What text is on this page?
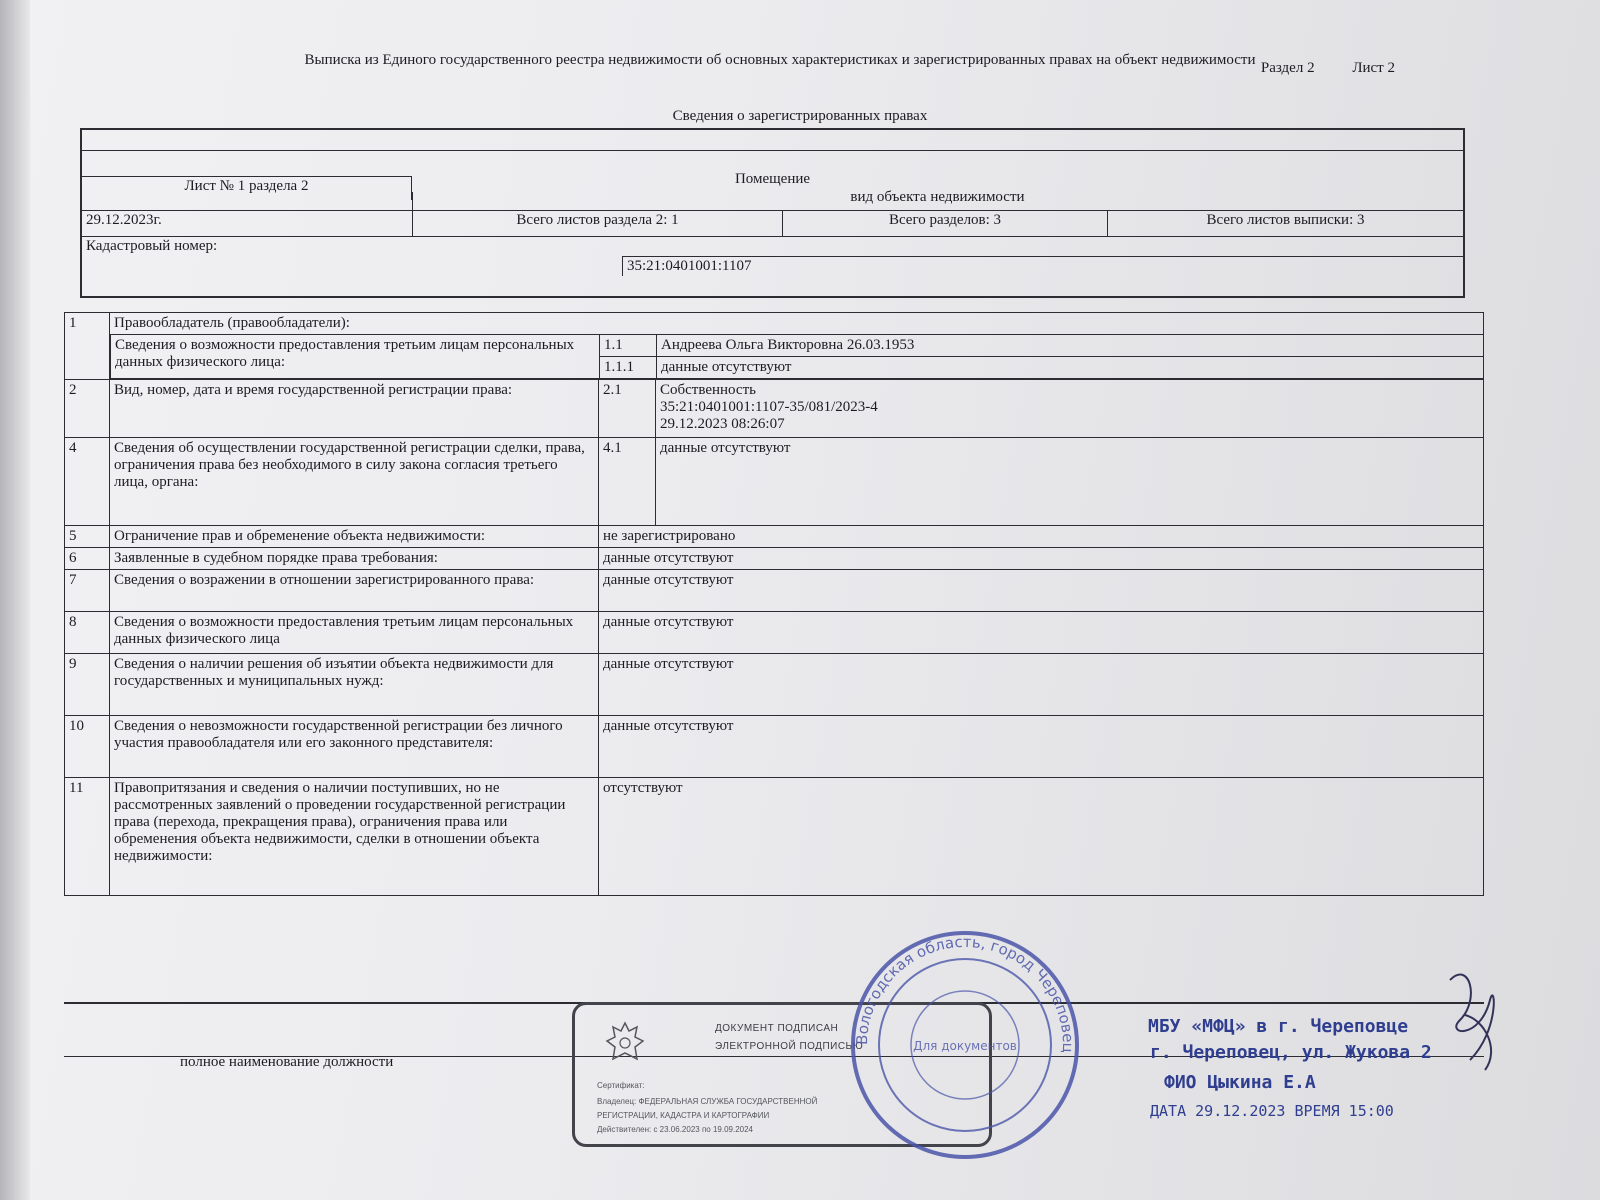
Выписка из Единого государственного реестра недвижимости об основных характеристиках и зарегистрированных правах на объект недвижимости Раздел 2	Лист 2
Сведения о зарегистрированных правах
Помещение
Лист № 1 раздела 2
вид объекта недвижимости
29.12.2023г.	Всего листов раздела 2: 1	Всего разделов: 3	Всего листов выписки: 3
Кадастровый номер:
35:21:0401001:1107
1	Правообладатель (правообладатели):

Сведения о возможности предоставления третьим лицам персональных данных физического лица:	1.1	Андреева Ольга Викторовна 26.03.1953
1.1.1	данные отсутствуют

2	Вид, номер, дата и время государственной регистрации права:	2.1	Собственность
35:21:0401001:1107-35/081/2023-4
29.12.2023 08:26:07

4	Сведения об осуществлении государственной регистрации сделки, права, ограничения права без необходимого в силу закона согласия третьего лица, органа:	4.1	данные отсутствуют
5	Ограничение прав и обременение объекта недвижимости:	не зарегистрировано
6	Заявленные в судебном порядке права требования:	данные отсутствуют
7	Сведения о возражении в отношении зарегистрированного права:	данные отсутствуют
8	Сведения о возможности предоставления третьим лицам персональных данных физического лица	данные отсутствуют
9	Сведения о наличии решения об изъятии объекта недвижимости для государственных и муниципальных нужд:	данные отсутствуют
10	Сведения о невозможности государственной регистрации без личного участия правообладателя или его законного представителя:	данные отсутствуют
11	Правопритязания и сведения о наличии поступивших, но не рассмотренных заявлений о проведении государственной регистрации права (перехода, прекращения права), ограничения права или обременения объекта недвижимости, сделки в отношении объекта недвижимости:	отсутствуют
полное наименование должности
ДОКУМЕНТ ПОДПИСАН
ЭЛЕКТРОННОЙ ПОДПИСЬЮ
Сертификат:
Владелец: ФЕДЕРАЛЬНАЯ СЛУЖБА ГОСУДАРСТВЕННОЙ
РЕГИСТРАЦИИ, КАДАСТРА И КАРТОГРАФИИ
Действителен: с 23.06.2023 по 19.09.2024
Вологодская область, город Череповец
Для документов
МБУ «МФЦ» в г. Череповце
г. Череповец, ул. Жукова 2
ФИО Цыкина Е.А
ДАТА 29.12.2023 ВРЕМЯ 15:00
